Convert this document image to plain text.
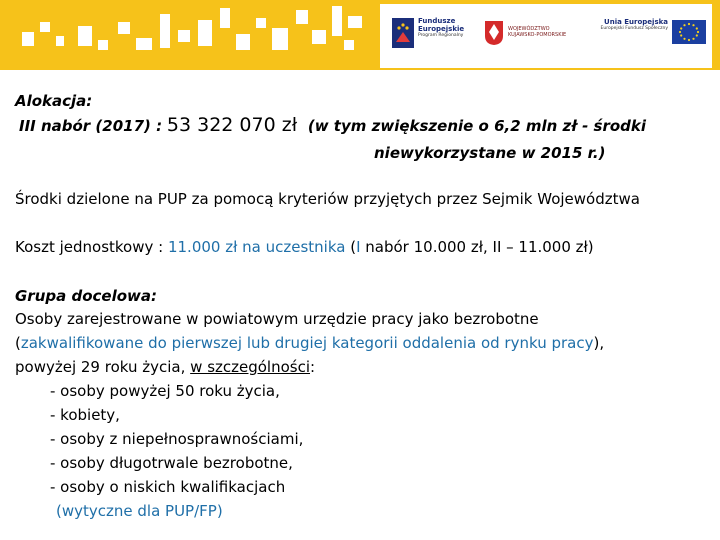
Fundusze
Europejskie
Program Regionalny
WOJEWÓDZTWO
KUJAWSKO-POMORSKIE
Unia Europejska
Europejski Fundusz Społeczny
Alokacja:
III nabór (2017) : 53 322 070 zł (w tym zwiększenie o 6,2 mln zł - środki
niewykorzystane w 2015 r.)
Środki dzielone na PUP za pomocą kryteriów przyjętych przez Sejmik Województwa
Koszt jednostkowy : 11.000 zł na uczestnika (I nabór 10.000 zł, II – 11.000 zł)
Grupa docelowa:
Osoby zarejestrowane w powiatowym urzędzie pracy jako bezrobotne
(zakwalifikowane do pierwszej lub drugiej kategorii oddalenia od rynku pracy),
powyżej 29 roku życia, w szczególności:
- osoby powyżej 50 roku życia,
- kobiety,
- osoby z niepełnosprawnościami,
- osoby długotrwale bezrobotne,
- osoby o niskich kwalifikacjach
(wytyczne dla PUP/FP)
